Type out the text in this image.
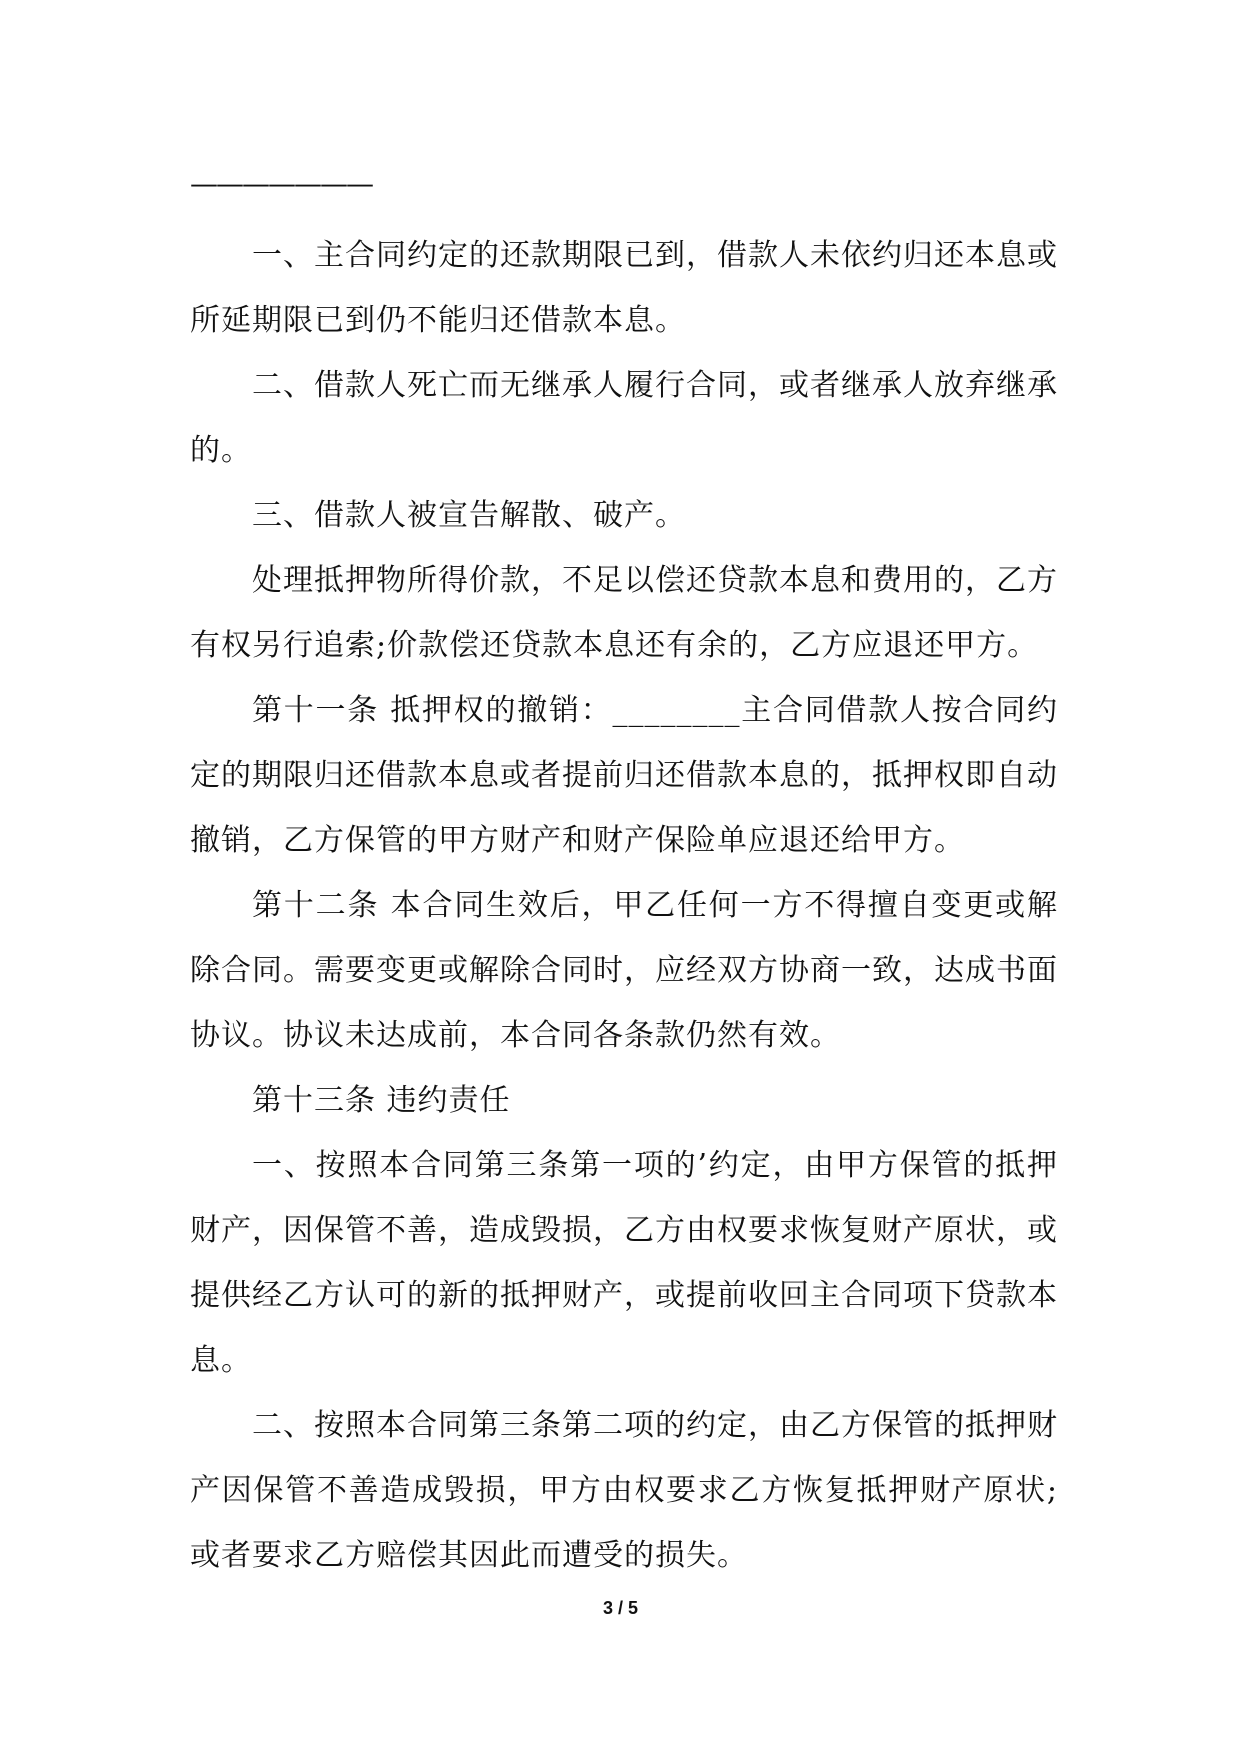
———————

一、主合同约定的还款期限已到，借款人未依约归还本息或所延期限已到仍不能归还借款本息。

二、借款人死亡而无继承人履行合同，或者继承人放弃继承的。

三、借款人被宣告解散、破产。

处理抵押物所得价款，不足以偿还贷款本息和费用的，乙方有权另行追索;价款偿还贷款本息还有余的，乙方应退还甲方。

第十一条 抵押权的撤销：________主合同借款人按合同约定的期限归还借款本息或者提前归还借款本息的，抵押权即自动撤销，乙方保管的甲方财产和财产保险单应退还给甲方。

第十二条 本合同生效后，甲乙任何一方不得擅自变更或解除合同。需要变更或解除合同时，应经双方协商一致，达成书面协议。协议未达成前，本合同各条款仍然有效。

第十三条 违约责任

一、按照本合同第三条第一项的’约定，由甲方保管的抵押财产，因保管不善，造成毁损，乙方由权要求恢复财产原状，或提供经乙方认可的新的抵押财产，或提前收回主合同项下贷款本息。

二、按照本合同第三条第二项的约定，由乙方保管的抵押财产因保管不善造成毁损，甲方由权要求乙方恢复抵押财产原状;或者要求乙方赔偿其因此而遭受的损失。

3 / 5
